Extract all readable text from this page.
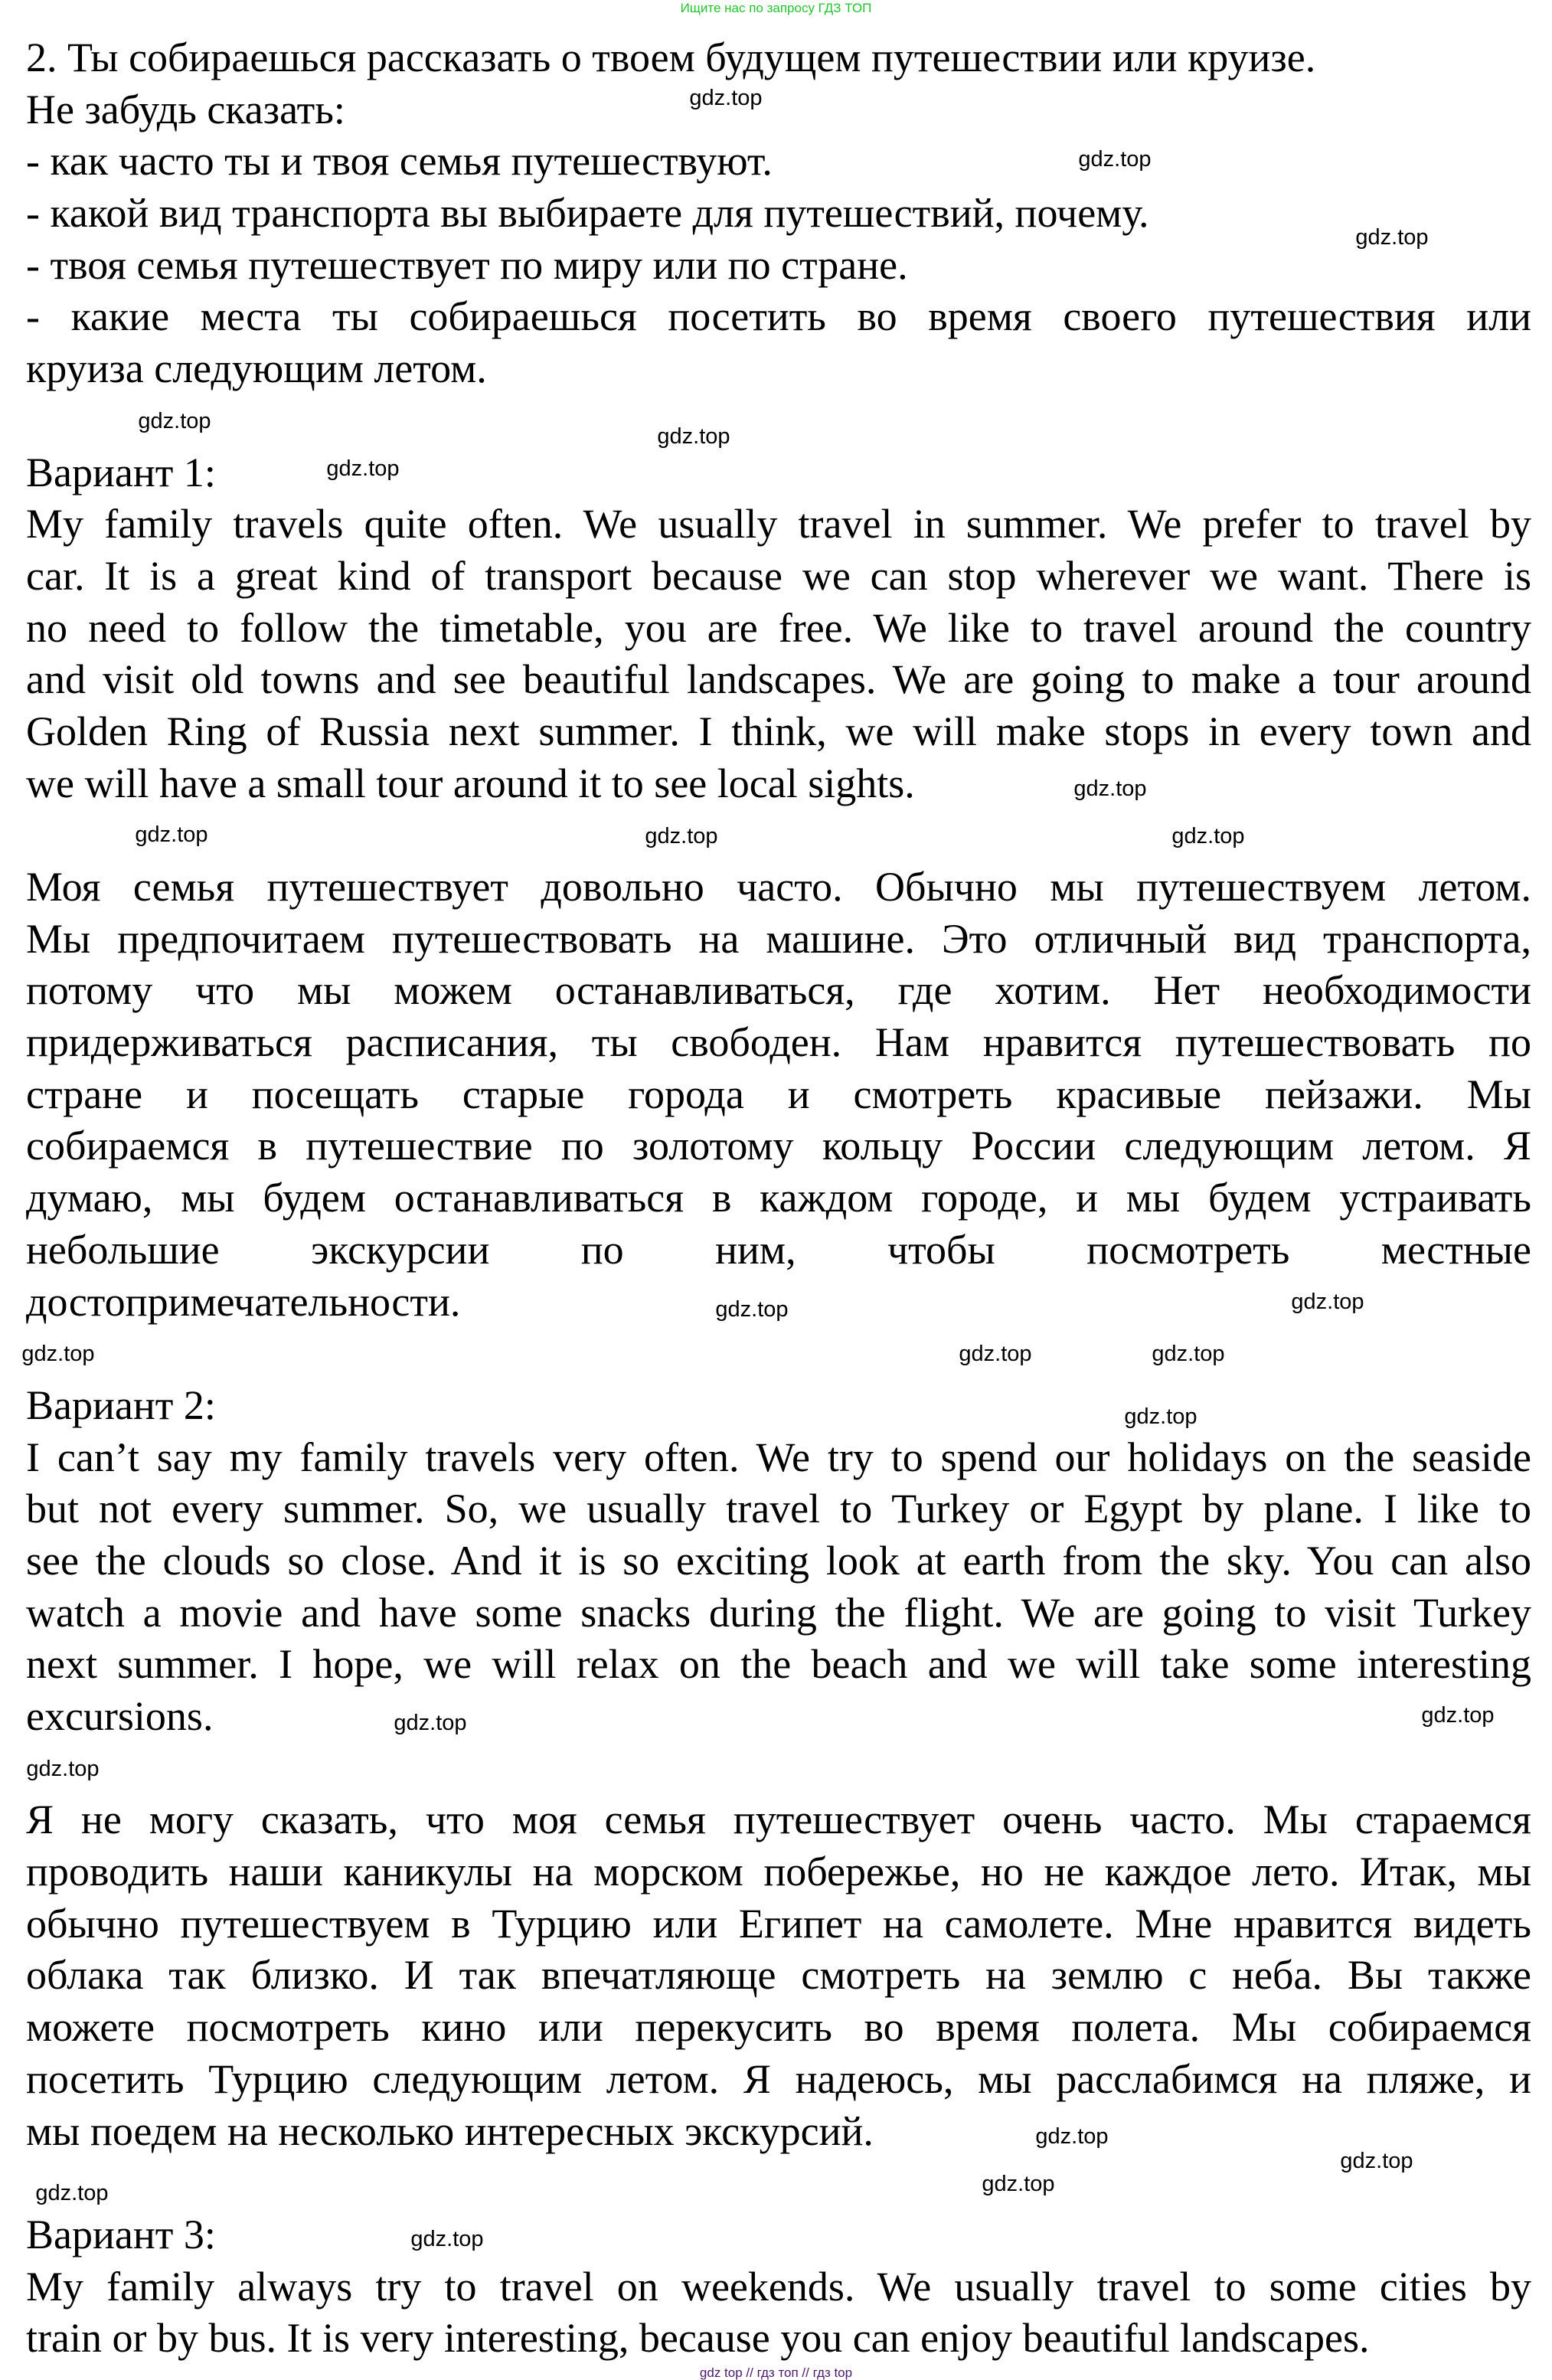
Ищите нас по запросу ГДЗ ТОП
2. Ты собираешься рассказать о твоем будущем путешествии или круизе.
Не забудь сказать:
- как часто ты и твоя семья путешествуют.
- какой вид транспорта вы выбираете для путешествий, почему.
- твоя семья путешествует по миру или по стране.
- какие места ты собираешься посетить во время своего путешествия или
круиза следующим летом.
Вариант 1:
My family travels quite often. We usually travel in summer. We prefer to travel by
car. It is a great kind of transport because we can stop wherever we want. There is
no need to follow the timetable, you are free. We like to travel around the country
and visit old towns and see beautiful landscapes. We are going to make a tour around
Golden Ring of Russia next summer. I think, we will make stops in every town and
we will have a small tour around it to see local sights.
Моя семья путешествует довольно часто. Обычно мы путешествуем летом.
Мы предпочитаем путешествовать на машине. Это отличный вид транспорта,
потому что мы можем останавливаться, где хотим. Нет необходимости
придерживаться расписания, ты свободен. Нам нравится путешествовать по
стране и посещать старые города и смотреть красивые пейзажи. Мы
собираемся в путешествие по золотому кольцу России следующим летом. Я
думаю, мы будем останавливаться в каждом городе, и мы будем устраивать
небольшие экскурсии по ним, чтобы посмотреть местные
достопримечательности.
Вариант 2:
I can’t say my family travels very often. We try to spend our holidays on the seaside
but not every summer. So, we usually travel to Turkey or Egypt by plane. I like to
see the clouds so close. And it is so exciting look at earth from the sky. You can also
watch a movie and have some snacks during the flight. We are going to visit Turkey
next summer. I hope, we will relax on the beach and we will take some interesting
excursions.
Я не могу сказать, что моя семья путешествует очень часто. Мы стараемся
проводить наши каникулы на морском побережье, но не каждое лето. Итак, мы
обычно путешествуем в Турцию или Египет на самолете. Мне нравится видеть
облака так близко. И так впечатляюще смотреть на землю с неба. Вы также
можете посмотреть кино или перекусить во время полета. Мы собираемся
посетить Турцию следующим летом. Я надеюсь, мы расслабимся на пляже, и
мы поедем на несколько интересных экскурсий.
Вариант 3:
My family always try to travel on weekends. We usually travel to some cities by
train or by bus. It is very interesting, because you can enjoy beautiful landscapes.
gdz.top
gdz.top
gdz.top
gdz.top
gdz.top
gdz.top
gdz.top
gdz.top
gdz.top
gdz.top
gdz.top
gdz.top
gdz.top
gdz.top
gdz.top
gdz.top
gdz.top
gdz.top
gdz.top
gdz.top
gdz.top
gdz.top
gdz.top
gdz.top
gdz top // гдз топ // гдз top
